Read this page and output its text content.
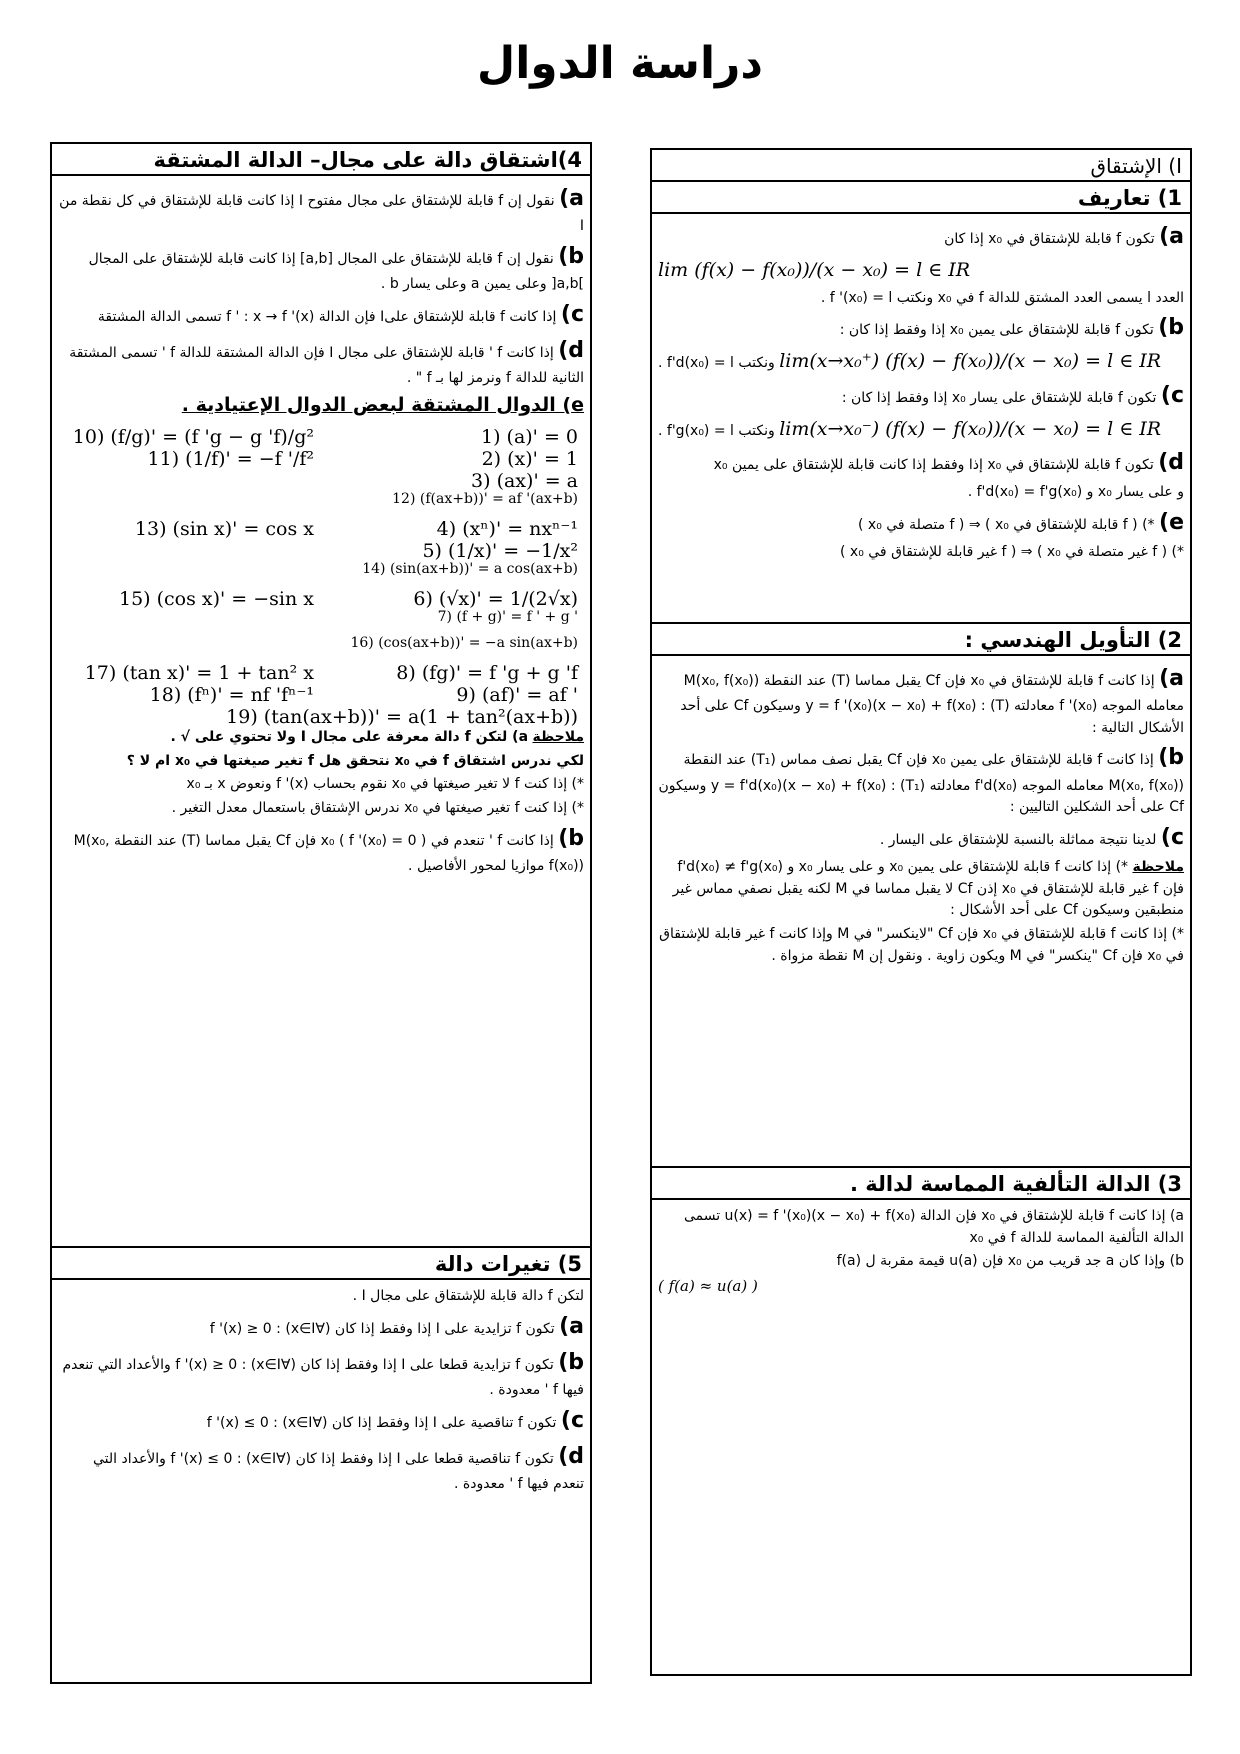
دراسة الدوال
I) الإشتقاق
1) تعاريف
a) تكون f قابلة للإشتقاق في x₀ إذا كان
lim (f(x) − f(x₀))/(x − x₀) = l ∈ IR
العدد l يسمى العدد المشتق للدالة f في x₀ ونكتب f '(x₀) = l .
b) تكون f قابلة للإشتقاق على يمين x₀ إذا وفقط إذا كان :
lim(x→x₀⁺) (f(x) − f(x₀))/(x − x₀) = l ∈ IR ونكتب f'd(x₀) = l .
c) تكون f قابلة للإشتقاق على يسار x₀ إذا وفقط إذا كان :
lim(x→x₀⁻) (f(x) − f(x₀))/(x − x₀) = l ∈ IR ونكتب f'g(x₀) = l .
d) تكون f قابلة للإشتقاق في x₀ إذا وفقط إذا كانت قابلة للإشتقاق على يمين x₀
و على يسار x₀ و f'd(x₀) = f'g(x₀) .
e) *) ( f قابلة للإشتقاق في x₀ ) ⇒ ( f متصلة في x₀ )
*) ( f غير متصلة في x₀ ) ⇒ ( f غير قابلة للإشتقاق في x₀ )
2) التأويل الهندسي :
a) إذا كانت f قابلة للإشتقاق في x₀ فإن Cf يقبل مماسا (T) عند النقطة M(x₀, f(x₀)) معامله الموجه f '(x₀) معادلته (T) : y = f '(x₀)(x − x₀) + f(x₀) وسيكون Cf على أحد الأشكال التالية :
b) إذا كانت f قابلة للإشتقاق على يمين x₀ فإن Cf يقبل نصف مماس (T₁) عند النقطة M(x₀, f(x₀)) معامله الموجه f'd(x₀) معادلته (T₁) : y = f'd(x₀)(x − x₀) + f(x₀) وسيكون Cf على أحد الشكلين التاليين :
c) لدينا نتيجة مماثلة بالنسبة للإشتقاق على اليسار .
ملاحظة *) إذا كانت f قابلة للإشتقاق على يمين x₀ و على يسار x₀ و f'd(x₀) ≠ f'g(x₀) فإن f غير قابلة للإشتقاق في x₀ إذن Cf لا يقبل مماسا في M لكنه يقبل نصفي مماس غير منطبقين وسيكون Cf على أحد الأشكال :
*) إذا كانت f قابلة للإشتقاق في x₀ فإن Cf "لاينكسر" في M وإذا كانت f غير قابلة للإشتقاق في x₀ فإن Cf "ينكسر" في M ويكون زاوية . ونقول إن M نقطة مزواة .
3) الدالة التألفية المماسة لدالة .
a) إذا كانت f قابلة للإشتقاق في x₀ فإن الدالة u(x) = f '(x₀)(x − x₀) + f(x₀) تسمى الدالة التألفية المماسة للدالة f في x₀
b) وإذا كان a جد قريب من x₀ فإن u(a) قيمة مقربة ل f(a)
( f(a) ≈ u(a) )
4)اشتقاق دالة على مجال– الدالة المشتقة
a) نقول إن f قابلة للإشتقاق على مجال مفتوح I إذا كانت قابلة للإشتقاق في كل نقطة من I
b) نقول إن f قابلة للإشتقاق على المجال [a,b] إذا كانت قابلة للإشتقاق على المجال ]a,b[ وعلى يمين a وعلى يسار b .
c) إذا كانت f قابلة للإشتقاق علىI فإن الدالة f ' : x → f '(x) تسمى الدالة المشتقة
d) إذا كانت f ' قابلة للإشتقاق على مجال I فإن الدالة المشتقة للدالة f ' تسمى المشتقة الثانية للدالة f ونرمز لها بـ f " .
e) الدوال المشتقة لبعض الدوال الإعتيادية .
1) (a)' = 0
10) (f/g)' = (f 'g − g 'f)/g²
2) (x)' = 1
11) (1/f)' = −f '/f²
3) (ax)' = a
12) (f(ax+b))' = af '(ax+b)
4) (xⁿ)' = nxⁿ⁻¹
13) (sin x)' = cos x
5) (1/x)' = −1/x²
14) (sin(ax+b))' = a cos(ax+b)
6) (√x)' = 1/(2√x)
15) (cos x)' = −sin x
7) (f + g)' = f ' + g '
16) (cos(ax+b))' = −a sin(ax+b)
8) (fg)' = f 'g + g 'f
17) (tan x)' = 1 + tan² x
9) (af)' = af '
18) (fⁿ)' = nf 'fⁿ⁻¹
19) (tan(ax+b))' = a(1 + tan²(ax+b))
ملاحظة a) لتكن f دالة معرفة على مجال I ولا تحتوي على √ .
لكي ندرس اشتقاق f في x₀ نتحقق هل f تغير صيغتها في x₀ ام لا ؟
*) إذا كنت f لا تغير صيغتها في x₀ نقوم بحساب f '(x) ونعوض x بـ x₀
*) إذا كنت f تغير صيغتها في x₀ ندرس الإشتقاق باستعمال معدل التغير .
b) إذا كانت f ' تنعدم في x₀ ( f '(x₀) = 0 ) فإن Cf يقبل مماسا (T) عند النقطة M(x₀, f(x₀)) موازيا لمحور الأفاصيل .
5) تغيرات دالة
لتكن f دالة قابلة للإشتقاق على مجال I .
a) تكون f تزايدية على I إذا وفقط إذا كان (∀x∈I) : f '(x) ≥ 0
b) تكون f تزايدية قطعا على I إذا وفقط إذا كان (∀x∈I) : f '(x) ≥ 0 والأعداد التي تنعدم فيها f ' معدودة .
c) تكون f تناقصية على I إذا وفقط إذا كان (∀x∈I) : f '(x) ≤ 0
d) تكون f تناقصية قطعا على I إذا وفقط إذا كان (∀x∈I) : f '(x) ≤ 0 والأعداد التي تنعدم فيها f ' معدودة .
